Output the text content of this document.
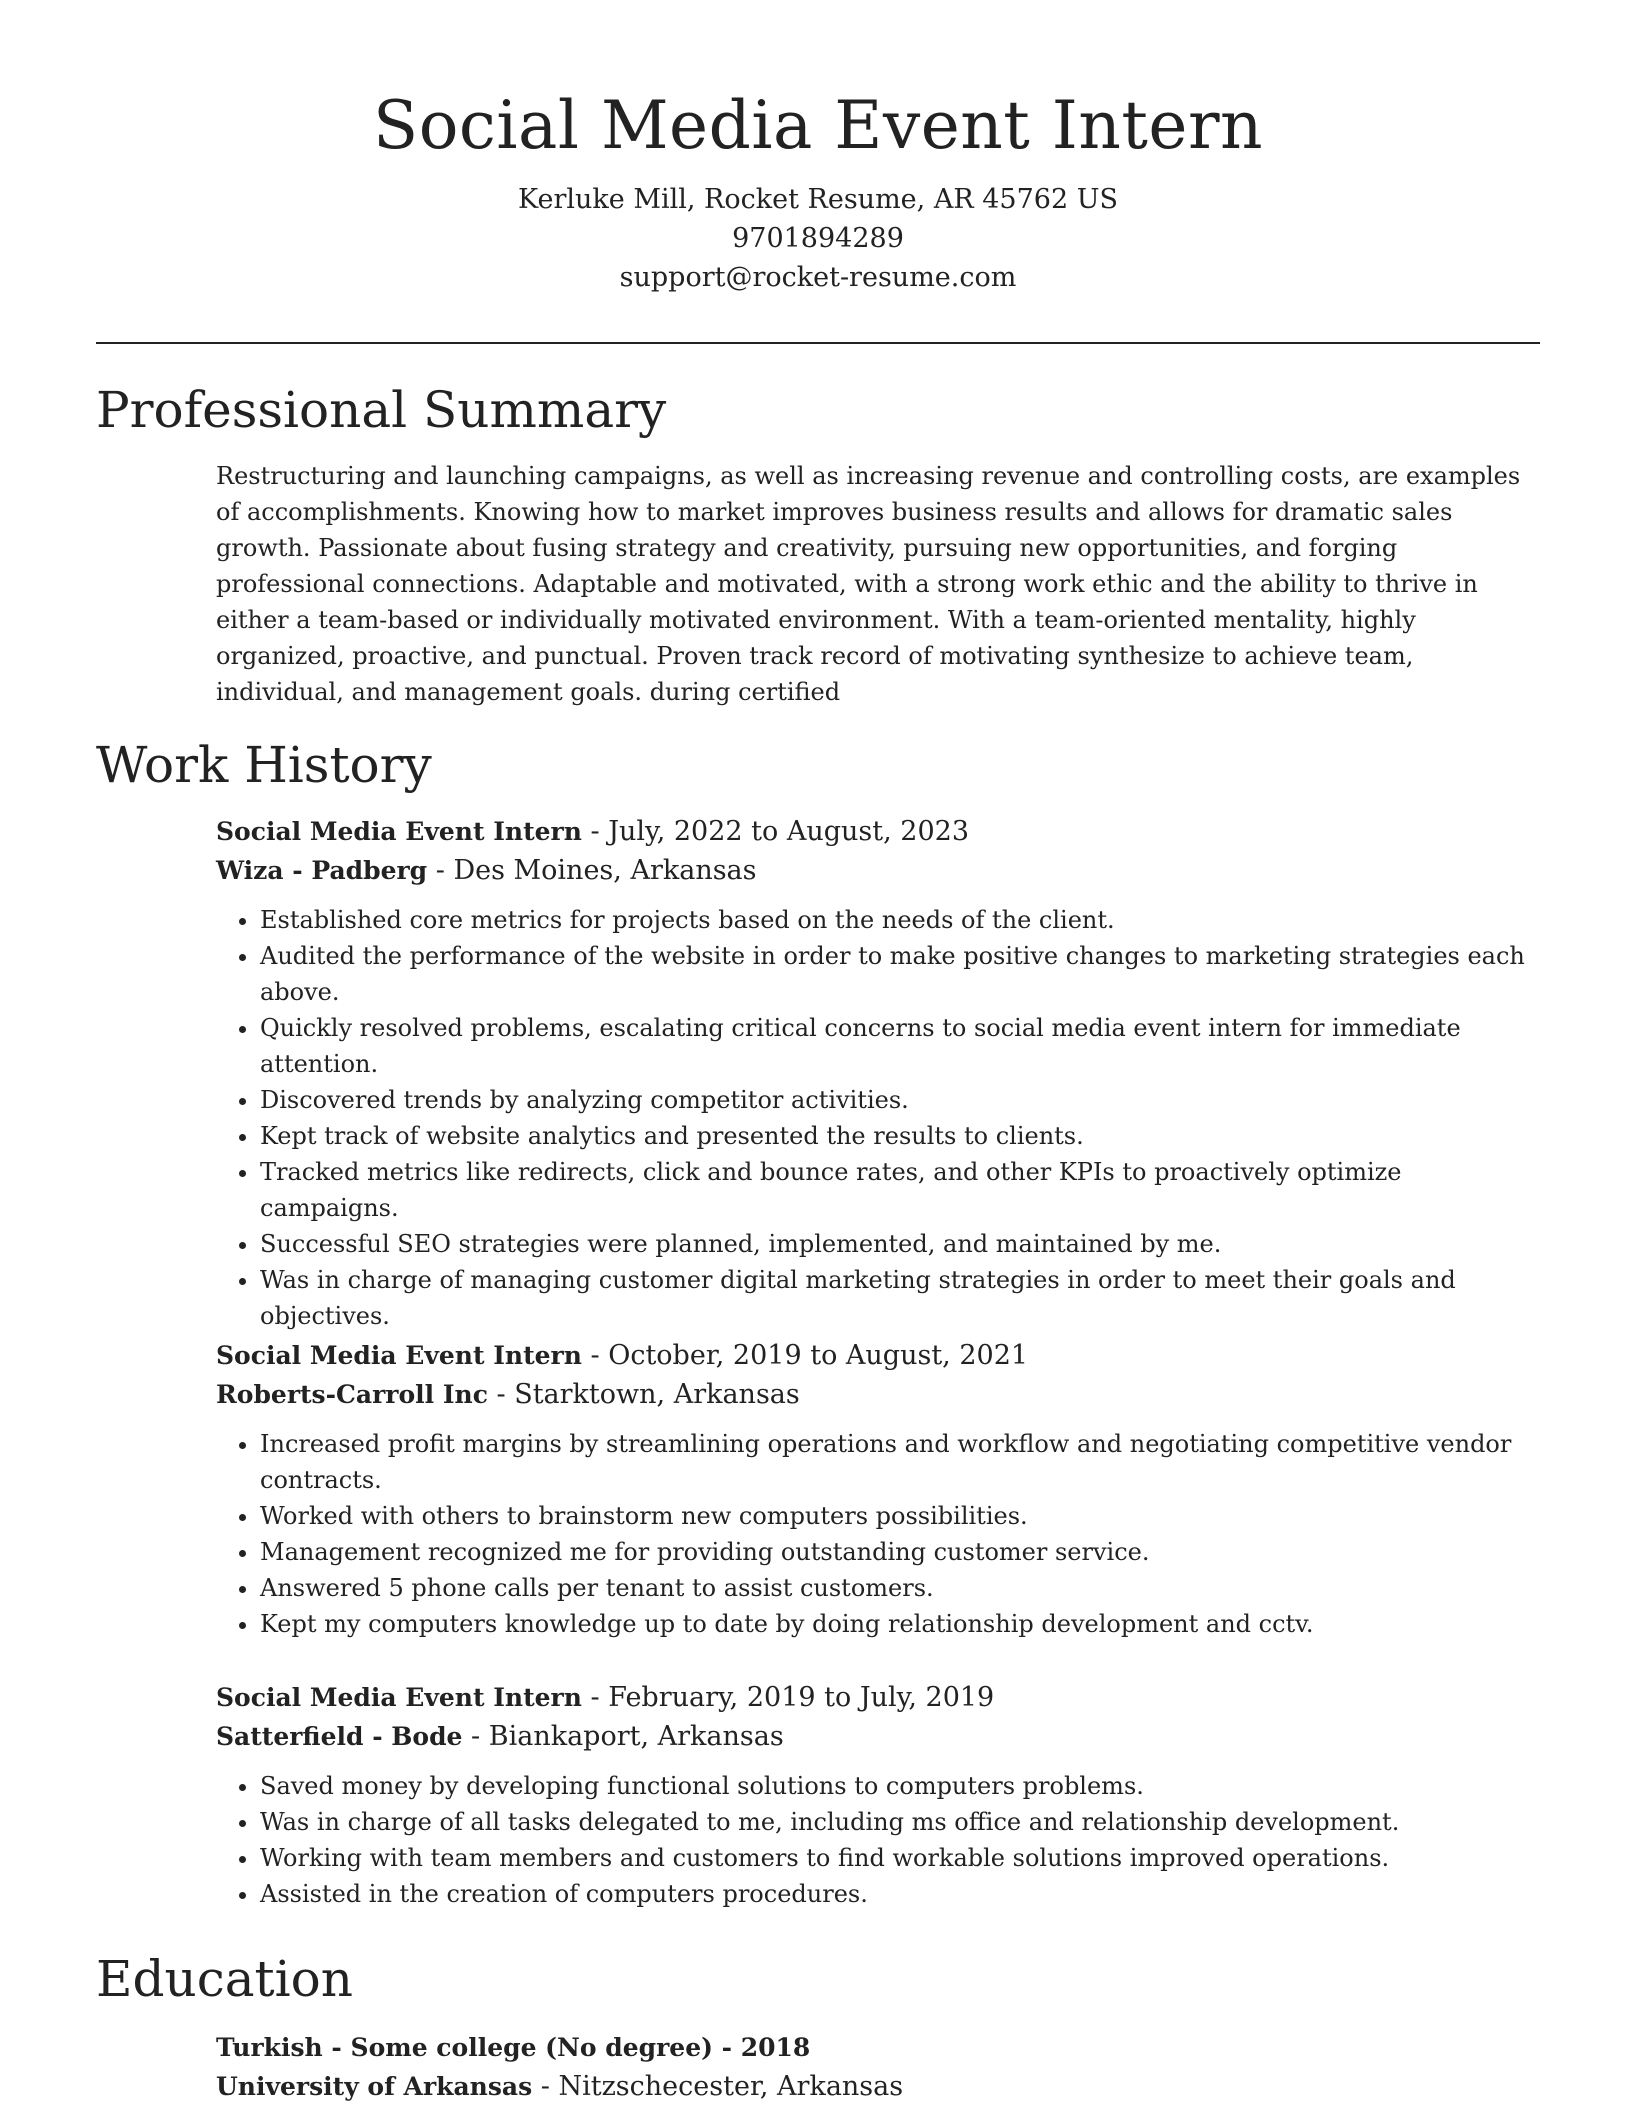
Social Media Event Intern
Kerluke Mill, Rocket Resume, AR 45762 US
9701894289
support@rocket-resume.com
Professional Summary

Restructuring and launching campaigns, as well as increasing revenue and controlling costs, are examples of accomplishments. Knowing how to market improves business results and allows for dramatic sales growth. Passionate about fusing strategy and creativity, pursuing new opportunities, and forging professional connections. Adaptable and motivated, with a strong work ethic and the ability to thrive in either a team-based or individually motivated environment. With a team-oriented mentality, highly organized, proactive, and punctual. Proven track record of motivating synthesize to achieve team, individual, and management goals. during certified

Work History
Social Media Event Intern - July, 2022 to August, 2023
Wiza - Padberg - Des Moines, Arkansas
• Established core metrics for projects based on the needs of the client.
• Audited the performance of the website in order to make positive changes to marketing strategies each above.
• Quickly resolved problems, escalating critical concerns to social media event intern for immediate attention.
• Discovered trends by analyzing competitor activities.
• Kept track of website analytics and presented the results to clients.
• Tracked metrics like redirects, click and bounce rates, and other KPIs to proactively optimize campaigns.
• Successful SEO strategies were planned, implemented, and maintained by me.
• Was in charge of managing customer digital marketing strategies in order to meet their goals and objectives.
Social Media Event Intern - October, 2019 to August, 2021
Roberts-Carroll Inc - Starktown, Arkansas
• Increased profit margins by streamlining operations and workflow and negotiating competitive vendor contracts.
• Worked with others to brainstorm new computers possibilities.
• Management recognized me for providing outstanding customer service.
• Answered 5 phone calls per tenant to assist customers.
• Kept my computers knowledge up to date by doing relationship development and cctv.
Social Media Event Intern - February, 2019 to July, 2019
Satterfield - Bode - Biankaport, Arkansas
• Saved money by developing functional solutions to computers problems.
• Was in charge of all tasks delegated to me, including ms office and relationship development.
• Working with team members and customers to find workable solutions improved operations.
• Assisted in the creation of computers procedures.
Education
Turkish - Some college (No degree) - 2018
University of Arkansas - Nitzschecester, Arkansas
